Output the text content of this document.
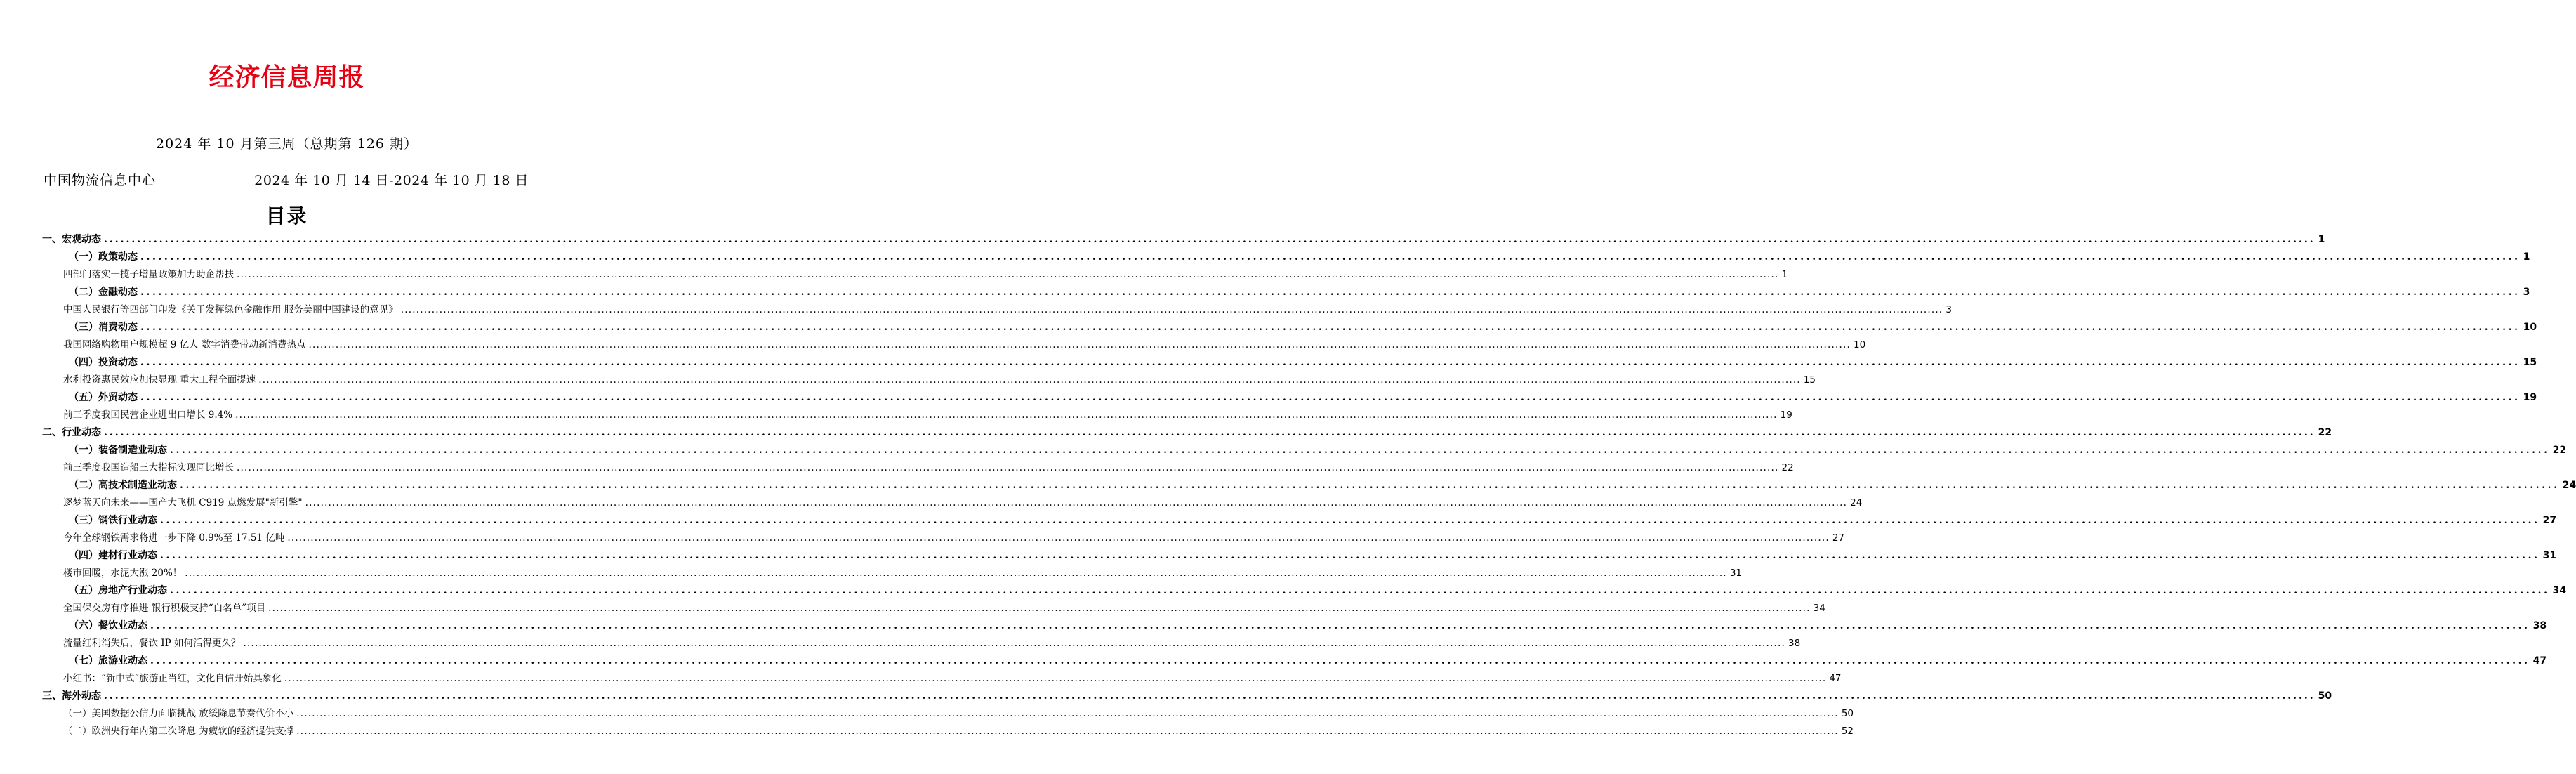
经济信息周报
2024 年 10 月第三周（总期第 126 期）
中国物流信息中心	2024 年 10 月 14 日-2024 年 10 月 18 日
目录
一、宏观动态 ................................................................................................................................................................................................................................................................................................................................................................................................................ 1
（一）政策动态 ................................................................................................................................................................................................................................................................................................................................................................................................................ 1
四部门落实一揽子增量政策加力助企帮扶 ................................................................................................................................................................................................................................................................................................................................................................................................................ 1
（二）金融动态 ................................................................................................................................................................................................................................................................................................................................................................................................................ 3
中国人民银行等四部门印发《关于发挥绿色金融作用 服务美丽中国建设的意见》 ................................................................................................................................................................................................................................................................................................................................................................................................................ 3
（三）消费动态 ................................................................................................................................................................................................................................................................................................................................................................................................................ 10
我国网络购物用户规模超 9 亿人 数字消费带动新消费热点 ................................................................................................................................................................................................................................................................................................................................................................................................................ 10
（四）投资动态 ................................................................................................................................................................................................................................................................................................................................................................................................................ 15
水利投资惠民效应加快显现 重大工程全面提速 ................................................................................................................................................................................................................................................................................................................................................................................................................ 15
（五）外贸动态 ................................................................................................................................................................................................................................................................................................................................................................................................................ 19
前三季度我国民营企业进出口增长 9.4% ................................................................................................................................................................................................................................................................................................................................................................................................................ 19
二、行业动态 ................................................................................................................................................................................................................................................................................................................................................................................................................ 22
（一）装备制造业动态 ................................................................................................................................................................................................................................................................................................................................................................................................................ 22
前三季度我国造船三大指标实现同比增长 ................................................................................................................................................................................................................................................................................................................................................................................................................ 22
（二）高技术制造业动态 ................................................................................................................................................................................................................................................................................................................................................................................................................ 24
逐梦蓝天向未来——国产大飞机 C919 点燃发展"新引擎" ................................................................................................................................................................................................................................................................................................................................................................................................................ 24
（三）钢铁行业动态 ................................................................................................................................................................................................................................................................................................................................................................................................................ 27
今年全球钢铁需求将进一步下降 0.9%至 17.51 亿吨 ................................................................................................................................................................................................................................................................................................................................................................................................................ 27
（四）建材行业动态 ................................................................................................................................................................................................................................................................................................................................................................................................................ 31
楼市回暖，水泥大涨 20%！ ................................................................................................................................................................................................................................................................................................................................................................................................................ 31
（五）房地产行业动态 ................................................................................................................................................................................................................................................................................................................................................................................................................ 34
全国保交房有序推进 银行积极支持“白名单”项目 ................................................................................................................................................................................................................................................................................................................................................................................................................ 34
（六）餐饮业动态 ................................................................................................................................................................................................................................................................................................................................................................................................................ 38
流量红利消失后，餐饮 IP 如何活得更久？ ................................................................................................................................................................................................................................................................................................................................................................................................................ 38
（七）旅游业动态 ................................................................................................................................................................................................................................................................................................................................................................................................................ 47
小红书：“新中式”旅游正当红，文化自信开始具象化 ................................................................................................................................................................................................................................................................................................................................................................................................................ 47
三、海外动态 ................................................................................................................................................................................................................................................................................................................................................................................................................ 50
（一）美国数据公信力面临挑战 放缓降息节奏代价不小 ................................................................................................................................................................................................................................................................................................................................................................................................................ 50
（二）欧洲央行年内第三次降息 为疲软的经济提供支撑 ................................................................................................................................................................................................................................................................................................................................................................................................................ 52
